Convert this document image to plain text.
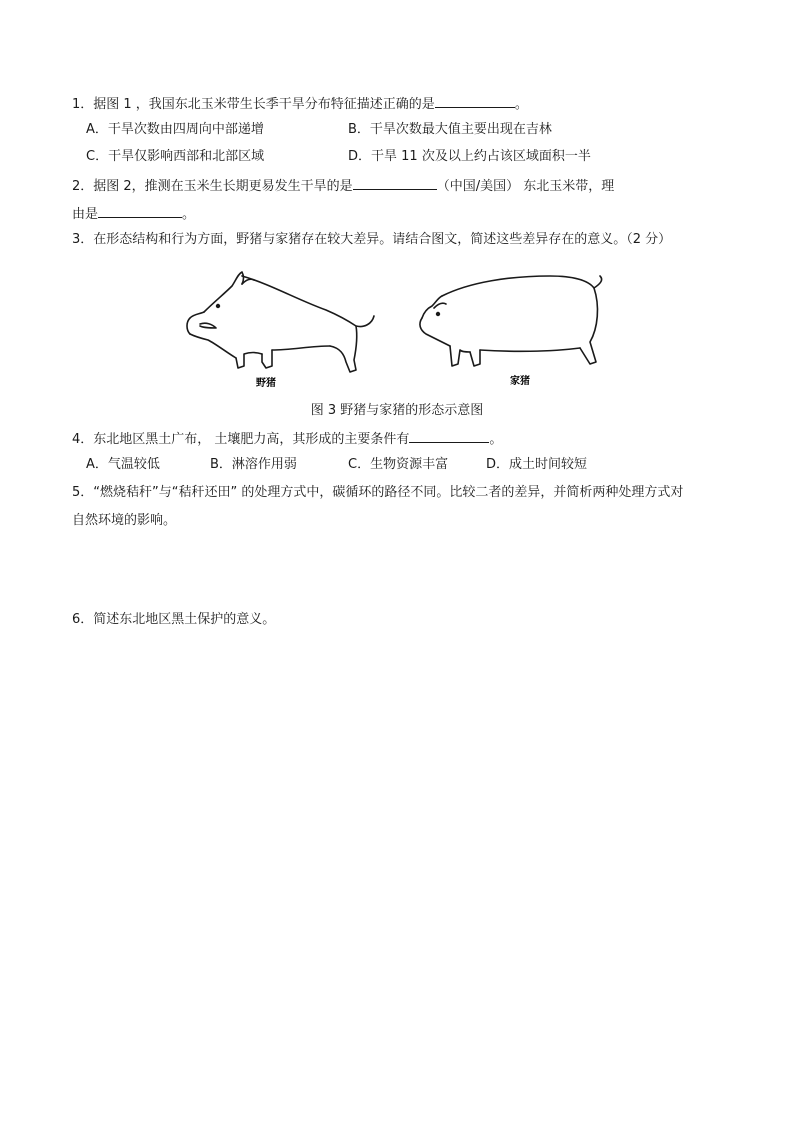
1．据图 1 ，我国东北玉米带生长季干旱分布特征描述正确的是	。
A．干旱次数由四周向中部递增	B．干旱次数最大值主要出现在吉林
C．干旱仅影响西部和北部区域	D．干旱 11 次及以上约占该区域面积一半
2．据图 2，推测在玉米生长期更易发生干旱的是	（中国/美国） 东北玉米带，理
由是	。
3．在形态结构和行为方面，野猪与家猪存在较大差异。请结合图文，简述这些差异存在的意义。（2 分）
野猪	家猪
图 3 野猪与家猪的形态示意图
4．东北地区黑土广布， 土壤肥力高，其形成的主要条件有	。
A．气温较低	B．淋溶作用弱	C．生物资源丰富	D．成土时间较短
5．“燃烧秸秆”与“秸秆还田” 的处理方式中，碳循环的路径不同。比较二者的差异，并简析两种处理方式对
自然环境的影响。
6．简述东北地区黑土保护的意义。
